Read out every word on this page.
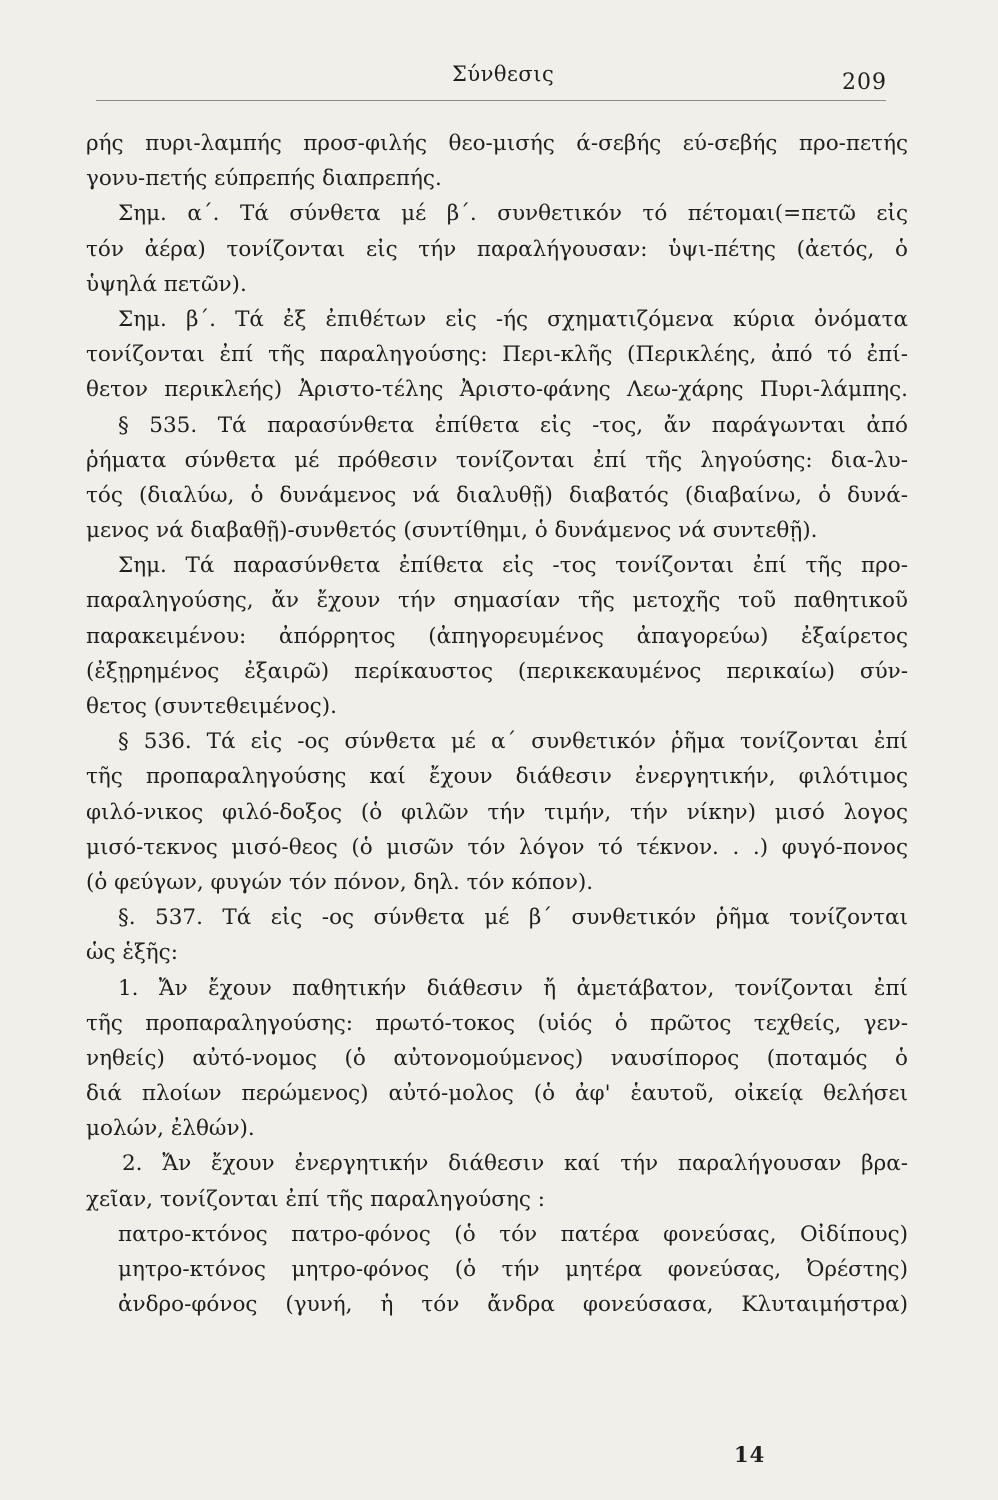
Σύνθεσις	209
ρής πυρι-λαμπής προσ-φιλής θεο-μισής ά-σεβής εύ-σεβής προ-πετής
γονυ-πετής εύπρεπής διαπρεπής.
Σημ. α΄. Τά σύνθετα μέ β΄. συνθετικόν τό πέτομαι(=πετῶ εἰς
τόν ἀέρα) τονίζονται εἰς τήν παραλήγουσαν: ὑψι-πέτης (ἀετός, ὁ
ὑψηλά πετῶν).
Σημ. β΄. Τά ἐξ ἐπιθέτων εἰς -ής σχηματιζόμενα κύρια ὀνόματα
τονίζονται ἐπί τῆς παραληγούσης: Περι-κλῆς (Περικλέης, ἀπό τό ἐπί-
θετον περικλεής) Ἀριστο-τέλης Ἀριστο-φάνης Λεω-χάρης Πυρι-λάμπης.
§ 535. Τά παρασύνθετα ἐπίθετα εἰς -τος, ἄν παράγωνται ἀπό
ῥήματα σύνθετα μέ πρόθεσιν τονίζονται ἐπί τῆς ληγούσης: δια-λυ-
τός (διαλύω, ὁ δυνάμενος νά διαλυθῇ) διαβατός (διαβαίνω, ὁ δυνά-
μενος νά διαβαθῇ)-συνθετός (συντίθημι, ὁ δυνάμενος νά συντεθῇ).
Σημ. Τά παρασύνθετα ἐπίθετα εἰς -τος τονίζονται ἐπί τῆς προ-
παραληγούσης, ἄν ἔχουν τήν σημασίαν τῆς μετοχῆς τοῦ παθητικοῦ
παρακειμένου: ἀπόρρητος (ἀπηγορευμένος ἀπαγορεύω) ἐξαίρετος
(ἐξῃρημένος ἐξαιρῶ) περίκαυστος (περικεκαυμένος περικαίω) σύν-
θετος (συντεθειμένος).
§ 536. Τά εἰς -ος σύνθετα μέ α΄ συνθετικόν ῥῆμα τονίζονται ἐπί
τῆς προπαραληγούσης καί ἔχουν διάθεσιν ἐνεργητικήν, φιλότιμος
φιλό-νικος φιλό-δοξος (ὁ φιλῶν τήν τιμήν, τήν νίκην) μισό λογος
μισό-τεκνος μισό-θεος (ὁ μισῶν τόν λόγον τό τέκνον. . .) φυγό-πονος
(ὁ φεύγων, φυγών τόν πόνον, δηλ. τόν κόπον).
§. 537. Τά εἰς -ος σύνθετα μέ β΄ συνθετικόν ῥῆμα τονίζονται
ὡς ἑξῆς:
1. Ἄν ἔχουν παθητικήν διάθεσιν ἤ ἀμετάβατον, τονίζονται ἐπί
τῆς προπαραληγούσης: πρωτό-τοκος (υἱός ὁ πρῶτος τεχθείς, γεν-
νηθείς) αὐτό-νομος (ὁ αὐτονομούμενος) ναυσίπορος (ποταμός ὁ
διά πλοίων περώμενος) αὐτό-μολος (ὁ ἀφ' ἑαυτοῦ, οἰκείᾳ θελήσει
μολών, ἐλθών).
2. Ἄν ἔχουν ἐνεργητικήν διάθεσιν καί τήν παραλήγουσαν βρα-
χεῖαν, τονίζονται ἐπί τῆς παραληγούσης :
πατρο-κτόνος πατρο-φόνος (ὁ τόν πατέρα φονεύσας, Οἰδίπους)
μητρο-κτόνος μητρο-φόνος (ὁ τήν μητέρα φονεύσας, Ὀρέστης)
ἀνδρο-φόνος (γυνή, ἡ τόν ἄνδρα φονεύσασα, Κλυταιμήστρα)
14
